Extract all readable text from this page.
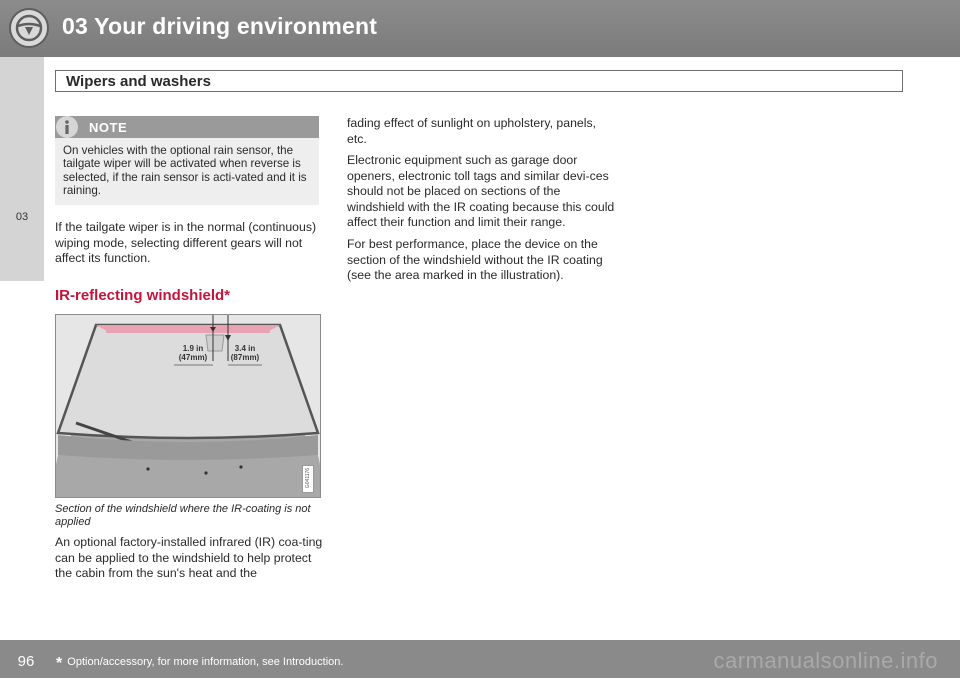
03 Your driving environment
03
Wipers and washers
NOTE
On vehicles with the optional rain sensor, the tailgate wiper will be activated when reverse is selected, if the rain sensor is acti-vated and it is raining.
If the tailgate wiper is in the normal (continuous) wiping mode, selecting different gears will not affect its function.
IR-reflecting windshield*
1.9 in
(47mm)
3.4 in
(87mm)
G041176
Section of the windshield where the IR-coating is not applied
An optional factory-installed infrared (IR) coa-ting can be applied to the windshield to help protect the cabin from the sun's heat and the
fading effect of sunlight on upholstery, panels, etc.
Electronic equipment such as garage door openers, electronic toll tags and similar devi-ces should not be placed on sections of the windshield with the IR coating because this could affect their function and limit their range.
For best performance, place the device on the section of the windshield without the IR coating (see the area marked in the illustration).
96	* Option/accessory, for more information, see Introduction.	carmanualsonline.info
